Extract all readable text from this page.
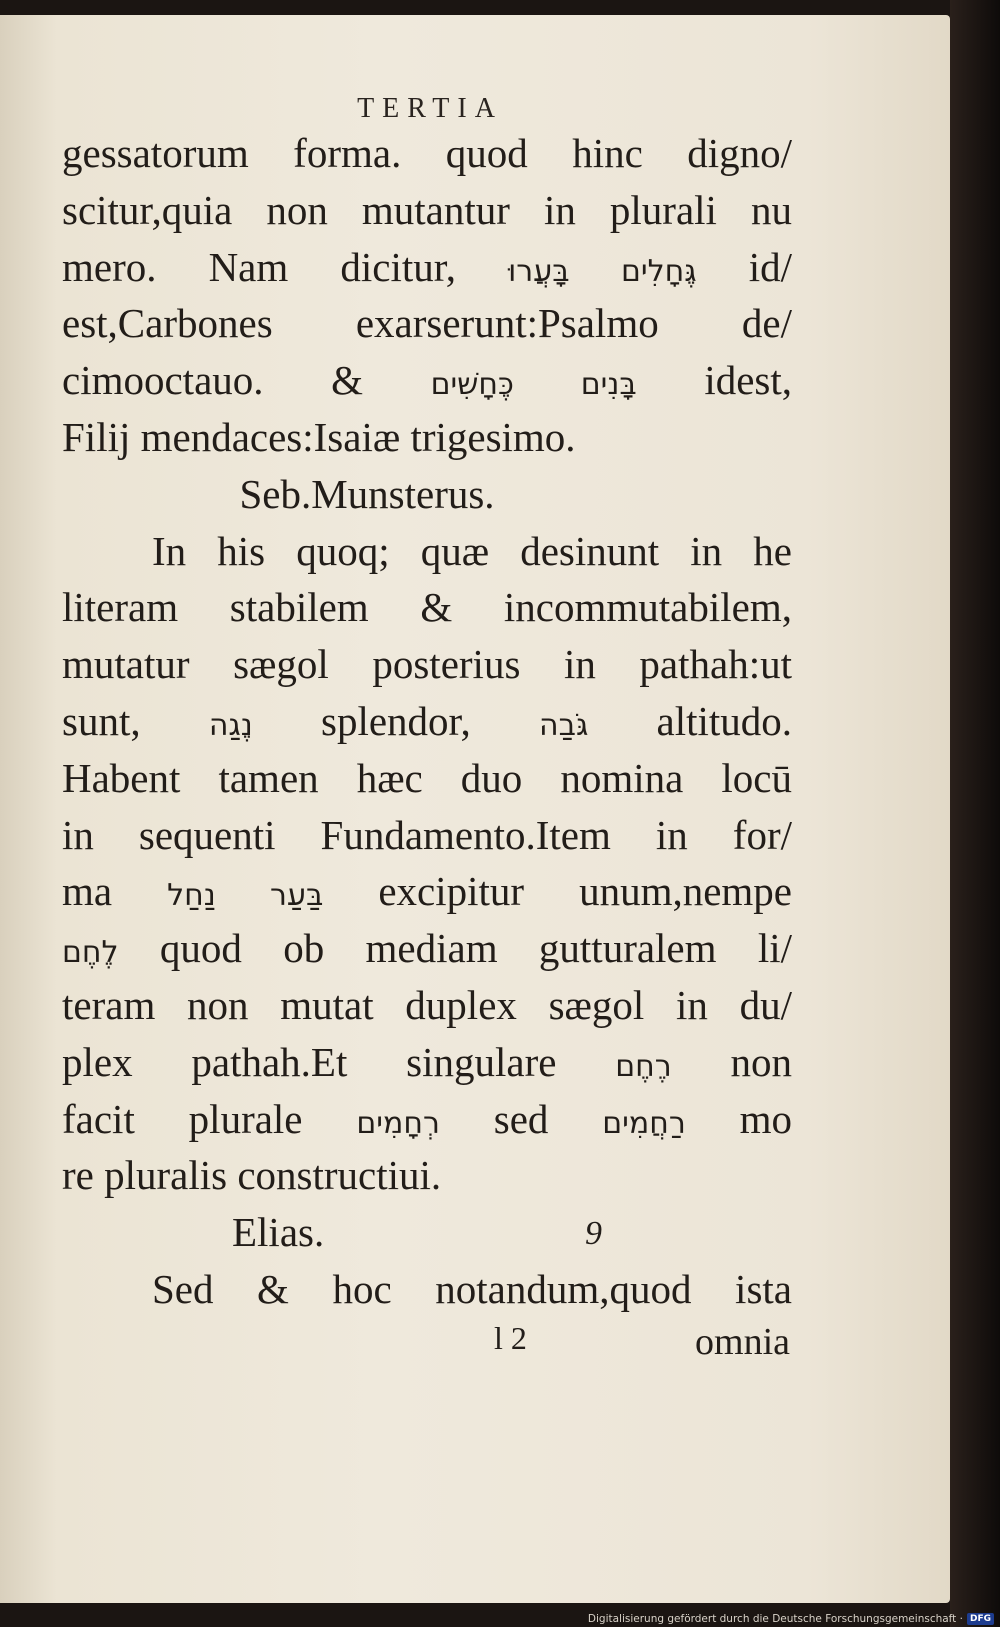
TERTIA
gessatorum forma. quod hinc digno/
scitur,quia non mutantur in plurali nu
mero. Nam dicitur, גֶּחָלִים בָּעֲרוּ id/
est,Carbones exarserunt:Psalmo de/
cimooctauo. & בָּנִים כֶּחָשִׁים idest,
Filij mendaces:Isaiæ trigesimo.
Seb.Munsterus.
In his quoq; quæ desinunt in he
literam stabilem & incommutabilem,
mutatur sægol posterius in pathah:ut
sunt, נֶגַה splendor, גֹּבַה altitudo.
Habent tamen hæc duo nomina locū
in sequenti Fundamento.Item in for/
ma בַּעַר נַחַל excipitur unum,nempe
לֶחֶם quod ob mediam gutturalem li/
teram non mutat duplex sægol in du/
plex pathah.Et singulare רֶחֶם non
facit plurale רְחָמִים sed רַחֲמִים mo
re pluralis constructiui.
Elias.
Sed & hoc notandum,quod ista
9
l 2	omnia
Digitalisierung gefördert durch die Deutsche Forschungsgemeinschaft · DFG
